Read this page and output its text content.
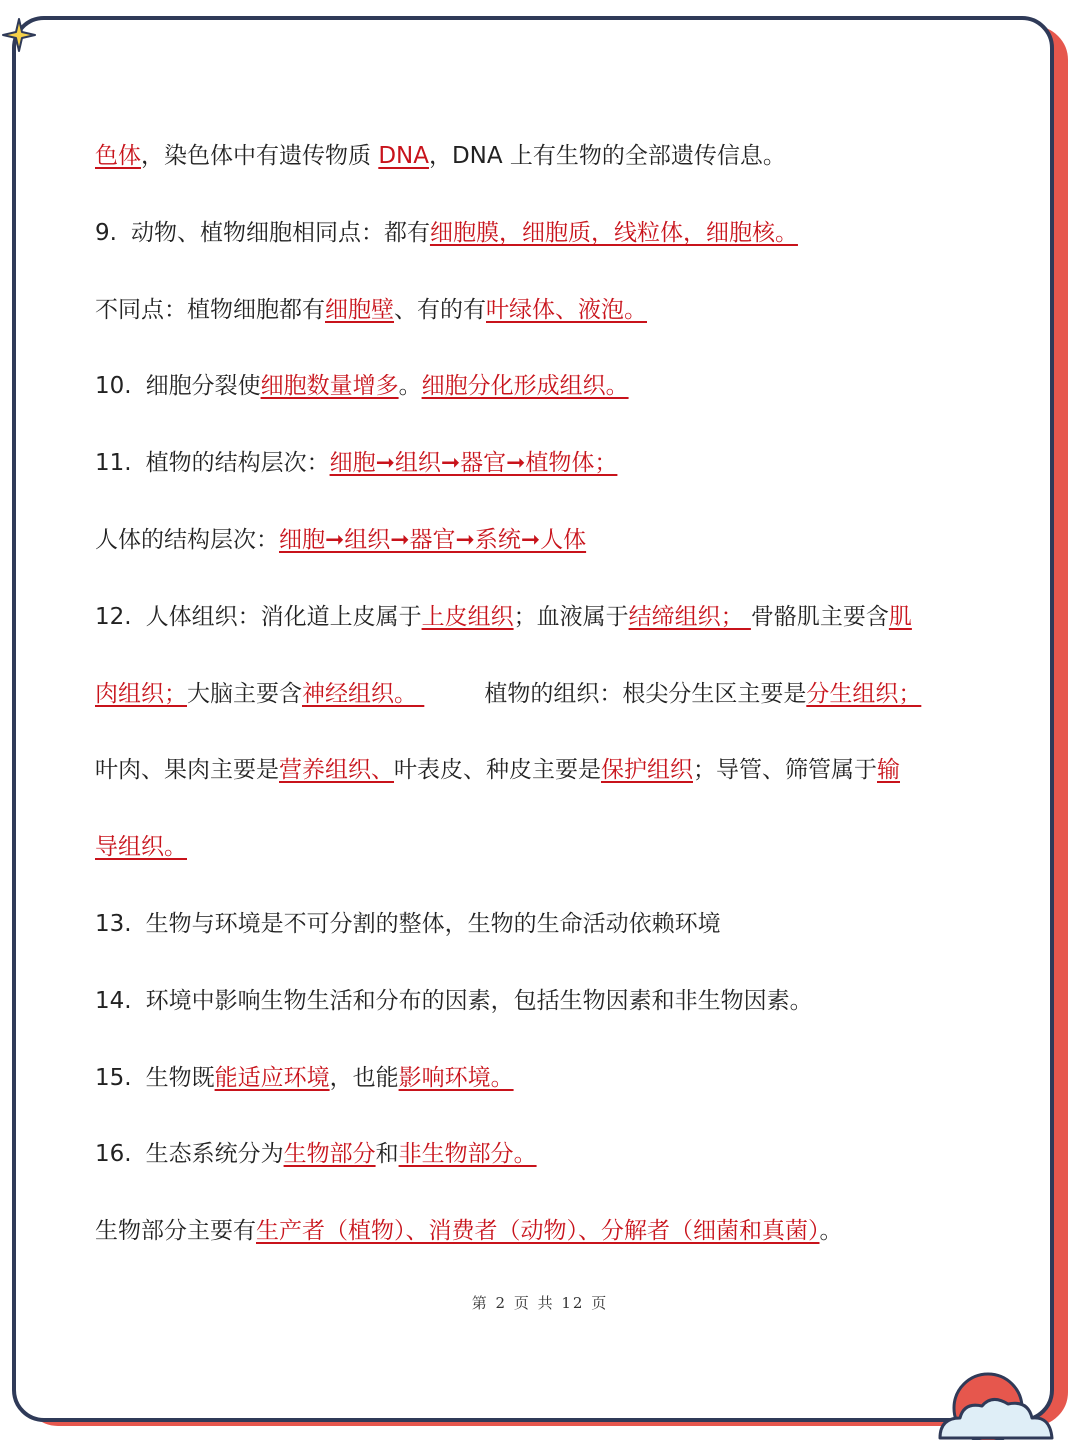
色体，染色体中有遗传物质 DNA，DNA 上有生物的全部遗传信息。
9. 动物、植物细胞相同点：都有细胞膜，细胞质，线粒体，细胞核。
不同点：植物细胞都有细胞壁、有的有叶绿体、液泡。
10. 细胞分裂使细胞数量增多。细胞分化形成组织。
11. 植物的结构层次：细胞➞组织➞器官➞植物体；
人体的结构层次：细胞➞组织➞器官➞系统➞人体
12. 人体组织：消化道上皮属于上皮组织；血液属于结缔组织； 骨骼肌主要含肌
肉组织；大脑主要含神经组织。	植物的组织：根尖分生区主要是分生组织；
叶肉、果肉主要是营养组织、叶表皮、种皮主要是保护组织；导管、筛管属于输
导组织。
13. 生物与环境是不可分割的整体，生物的生命活动依赖环境
14. 环境中影响生物生活和分布的因素，包括生物因素和非生物因素。
15. 生物既能适应环境，也能影响环境。
16. 生态系统分为生物部分和非生物部分。
生物部分主要有生产者（植物）、消费者（动物）、分解者（细菌和真菌）。
第 2 页 共 12 页
